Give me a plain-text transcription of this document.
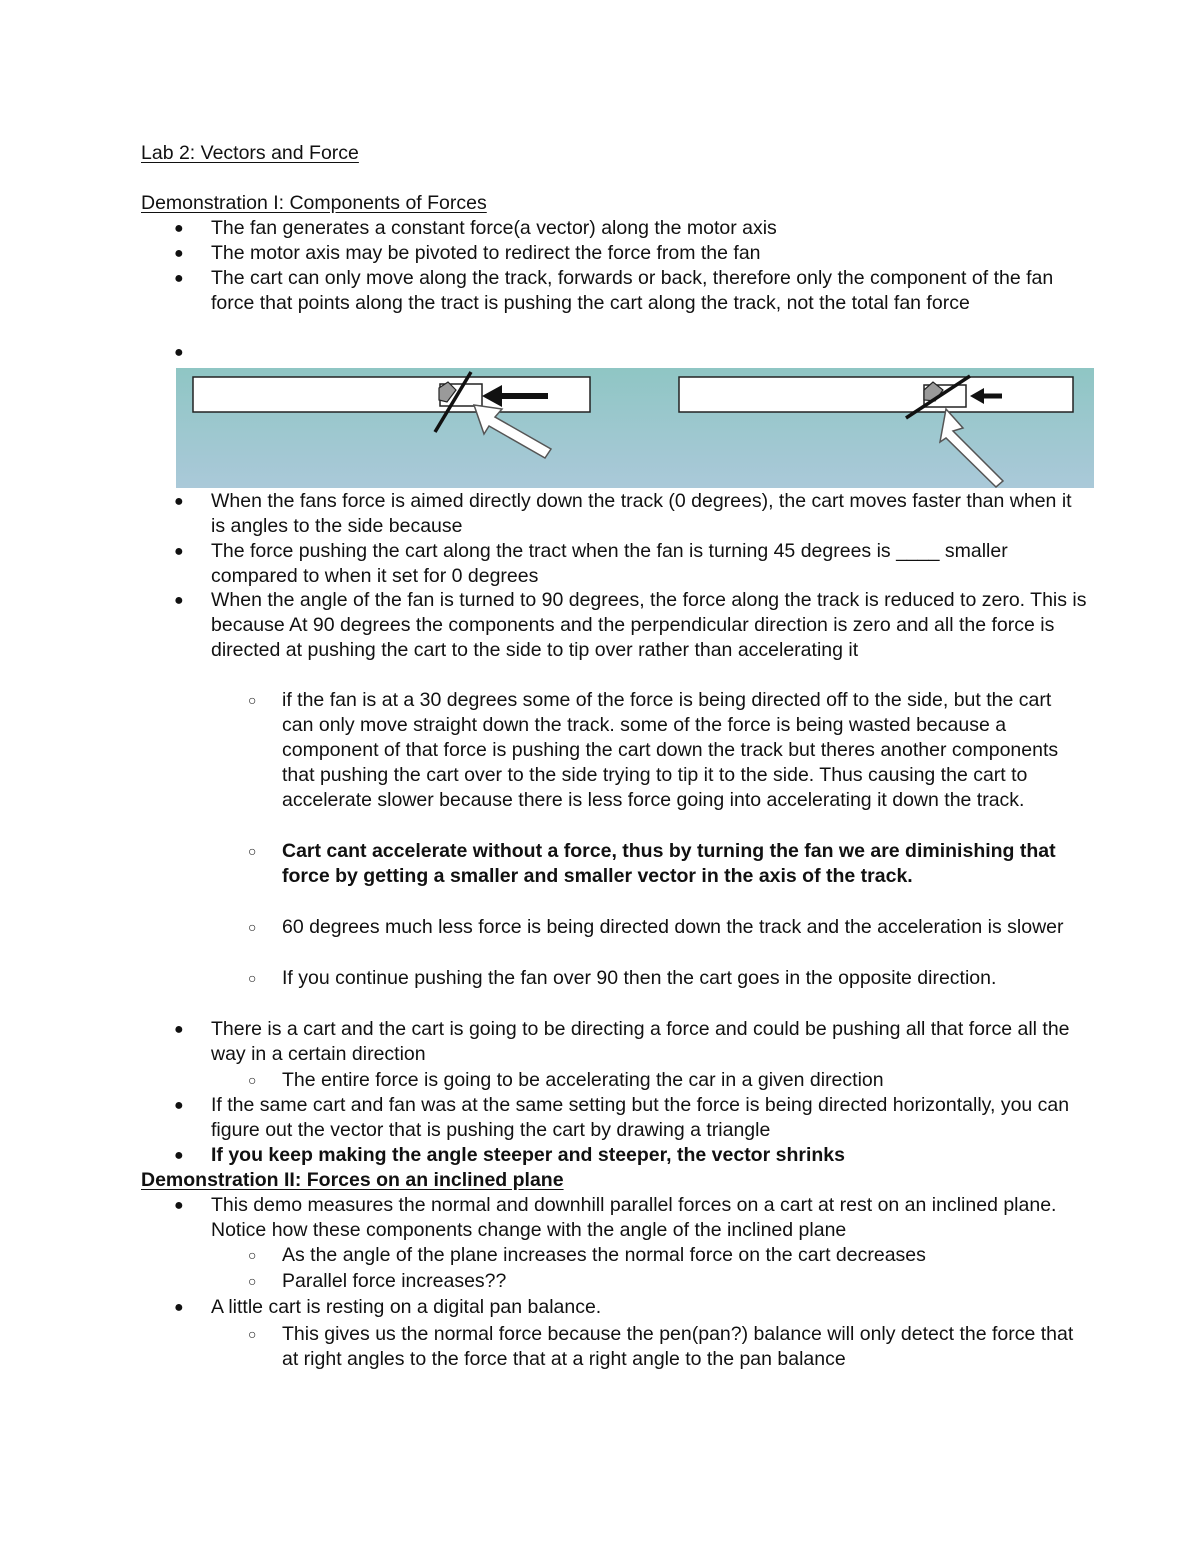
Lab 2: Vectors and Force
Demonstration I: Components of Forces
● The fan generates a constant force(a vector) along the motor axis
● The motor axis may be pivoted to redirect the force from the fan
● The cart can only move along the track, forwards or back, therefore only the component of the fan force that points along the tract is pushing the cart along the track, not the total fan force
●
● When the fans force is aimed directly down the track (0 degrees), the cart moves faster than when it is angles to the side because
● The force pushing the cart along the tract when the fan is turning 45 degrees is ____ smaller compared to when it set for 0 degrees
● When the angle of the fan is turned to 90 degrees, the force along the track is reduced to zero. This is because At 90 degrees the components and the perpendicular direction is zero and all the force is directed at pushing the cart to the side to tip over rather than accelerating it
○ if the fan is at a 30 degrees some of the force is being directed off to the side, but the cart can only move straight down the track. some of the force is being wasted because a component of that force is pushing the cart down the track but theres another components that pushing the cart over to the side trying to tip it to the side. Thus causing the cart to accelerate slower because there is less force going into accelerating it down the track.
○ Cart cant accelerate without a force, thus by turning the fan we are diminishing that force by getting a smaller and smaller vector in the axis of the track.
○ 60 degrees much less force is being directed down the track and the acceleration is slower
○ If you continue pushing the fan over 90 then the cart goes in the opposite direction.
● There is a cart and the cart is going to be directing a force and could be pushing all that force all the way in a certain direction
○ The entire force is going to be accelerating the car in a given direction
● If the same cart and fan was at the same setting but the force is being directed horizontally, you can figure out the vector that is pushing the cart by drawing a triangle
● If you keep making the angle steeper and steeper, the vector shrinks
Demonstration II: Forces on an inclined plane
● This demo measures the normal and downhill parallel forces on a cart at rest on an inclined plane. Notice how these components change with the angle of the inclined plane
○ As the angle of the plane increases the normal force on the cart decreases
○ Parallel force increases??
● A little cart is resting on a digital pan balance.
○ This gives us the normal force because the pen(pan?) balance will only detect the force that at right angles to the force that at a right angle to the pan balance
